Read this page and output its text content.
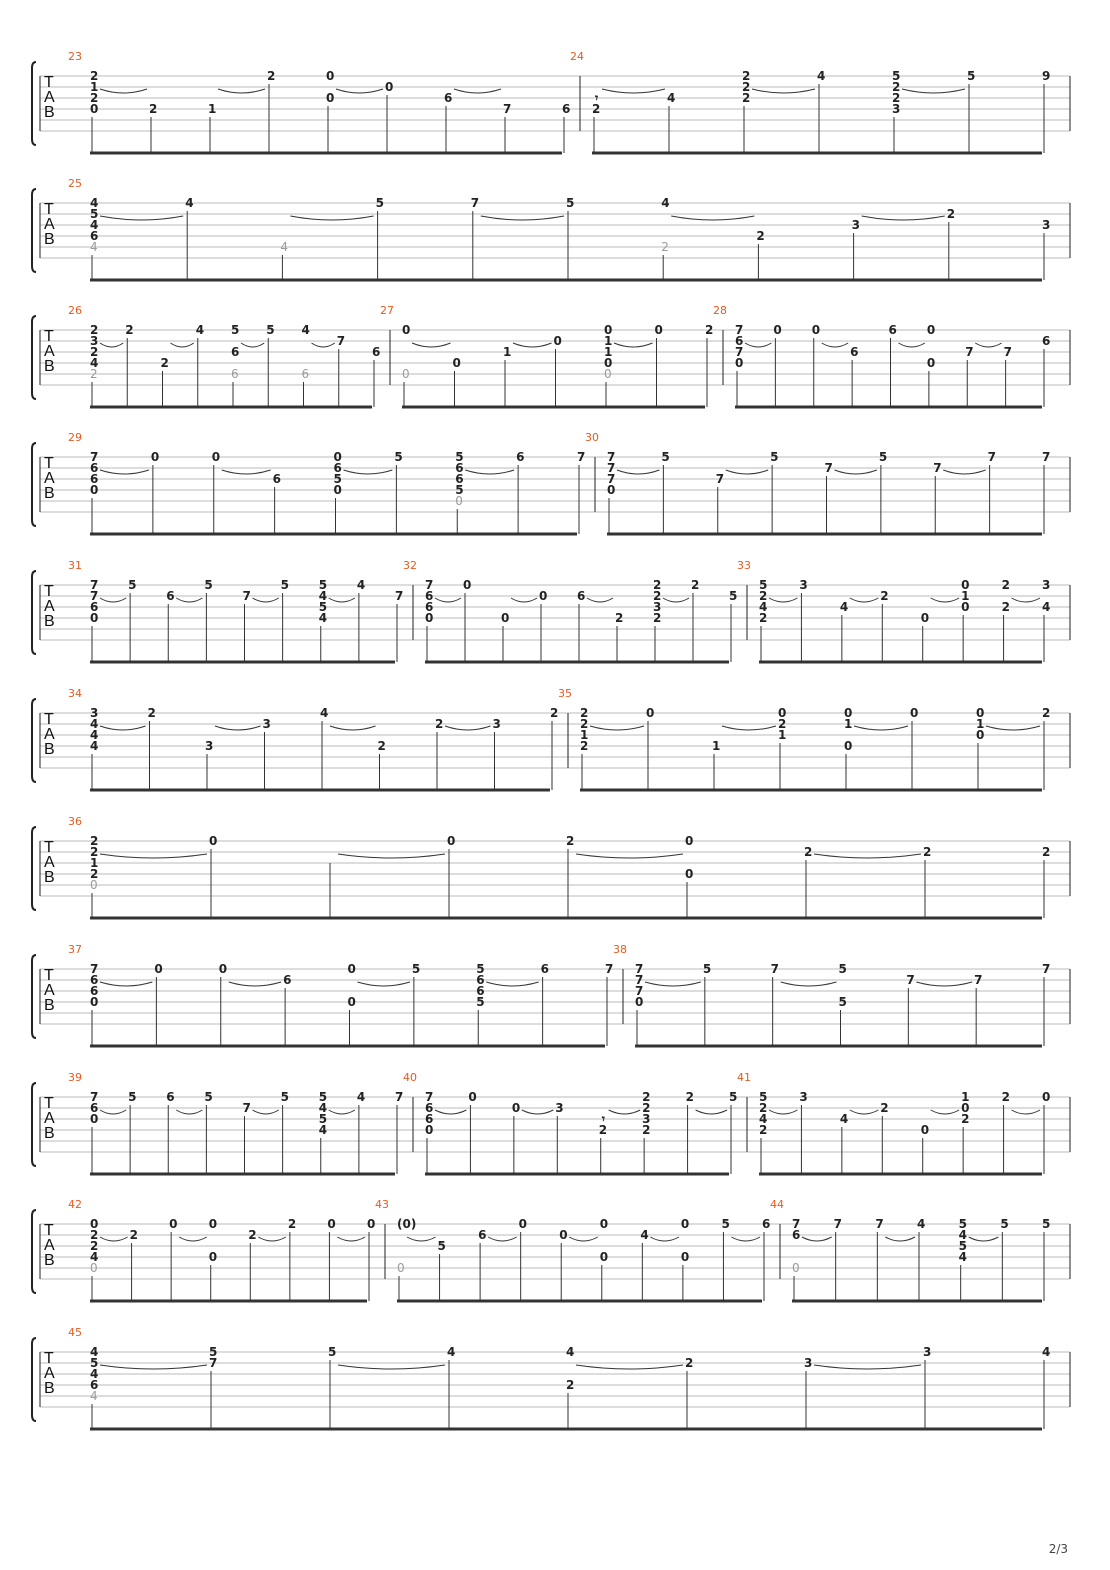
T
A
B
23
2
1
2
0	2	1
2	0
0
0
6
7	6
24
𝄾
2
4
2
2
2
4	5
2
2
3
5	9
T
A
B
25
4
5
4
6
4
4
4
5	7	5	4
2
2
3
2
3
T
A
B
26
2
3
2
4
2
2
2
4 5
6
6
5 4
6
7
6
27
0
0
0
1
0
0
1
1
0
0
0	2
28
7
6
7
0
0	0
6
6	0
0
7	7
6
T
A
B
29
7
6
6
0
0	0
6
0
6
5
0
5	5
6
6
5
0
6	7
30
7
7
7
0
5
7
5
7
5
7
7	7
T
A
B
31
7
7
6
0
5
6
5
7
5 5
4
5
4
4
7
32
7
6
6
0
0
0
0 6
2
2
2
3
2
2
5
33
5
2
4
2
3
4
2
0
0
1
0
2
2
3
4
T
A
B
34
3
4
4
4
2
3
3
4
2
2	3
2
35
2
2
1
2
0
1
0
2
1
0
1
0
0	0
1
0
2
T
A
B
36
2
2
1
2
0
0	0	2	0
0
2	2	2
T
A
B
37
7
6
6
0
0	0
6
0
0
5	5
6
6
5
6	7
38
7
7
7
0
5	7	5
5
7	7
7
T
A
B
39
7
6
0
5 6 5
7
5 5
4
5
4
4 7
40
7
6
6
0
0
0	3
𝄾
2
2
2
3
2
2	5
41
5
2
4
2
3
4
2
0
1
0
2
2	0
T
A
B
42
0
2
2
4
0
2
0	0
0
2
2	0	0
43
(0)
0
5
6
0
0
0
0
4
0
0
5	6
44
7
6
0
7	7	4	5
4
5
4
5	5
T
A
B
45
4
5
4
6
4
5
7
5	4	4
2
2	3
3	4
2/3
